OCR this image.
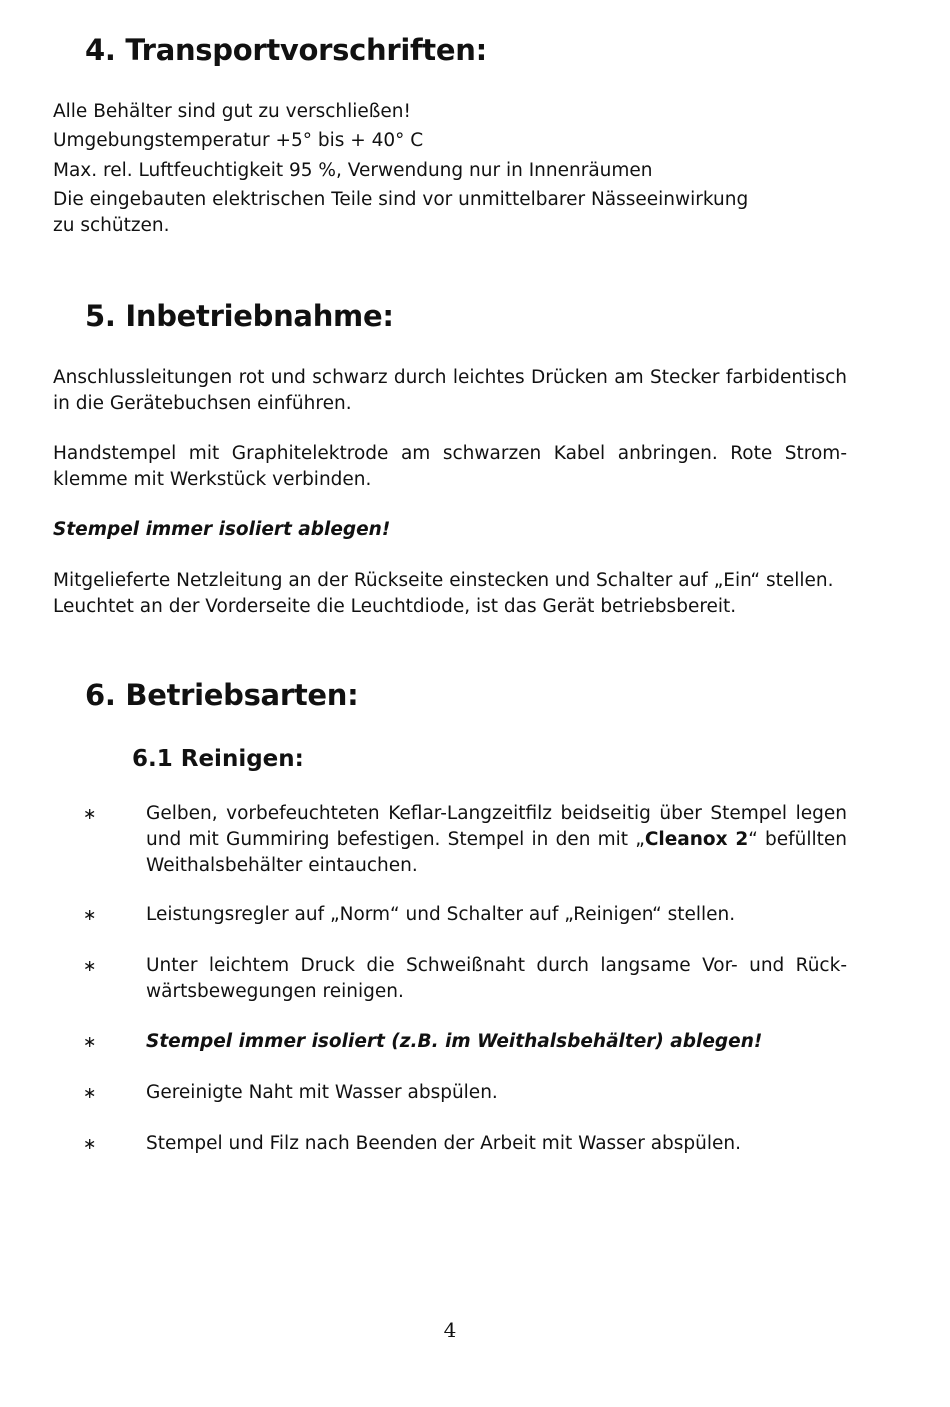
4. Transportvorschriften:

Alle Behälter sind gut zu verschließen!

Umgebungstemperatur +5° bis + 40° C

Max. rel. Luftfeuchtigkeit 95 %, Verwendung nur in Innenräumen

Die eingebauten elektrischen Teile sind vor unmittelbarer Nässeeinwirkung

zu schützen.

5. Inbetriebnahme:

Anschlussleitungen rot und schwarz durch leichtes Drücken am Stecker farbidentisch

in die Gerätebuchsen einführen.

Handstempel mit Graphitelektrode am schwarzen Kabel anbringen. Rote Strom-

klemme mit Werkstück verbinden.

Stempel immer isoliert ablegen!

Mitgelieferte Netzleitung an der Rückseite einstecken und Schalter auf „Ein“ stellen.

Leuchtet an der Vorderseite die Leuchtdiode, ist das Gerät betriebsbereit.

6. Betriebsarten:
6.1 Reinigen:
∗	Gelben, vorbefeuchteten Keflar-Langzeitfilz beidseitig über Stempel legen
und mit Gummiring befestigen. Stempel in den mit „Cleanox 2“ befüllten
Weithalsbehälter eintauchen.
∗	Leistungsregler auf „Norm“ und Schalter auf „Reinigen“ stellen.
∗	Unter leichtem Druck die Schweißnaht durch langsame Vor- und Rück-
wärtsbewegungen reinigen.
∗	Stempel immer isoliert (z.B. im Weithalsbehälter) ablegen!
∗	Gereinigte Naht mit Wasser abspülen.
∗	Stempel und Filz nach Beenden der Arbeit mit Wasser abspülen.
4
